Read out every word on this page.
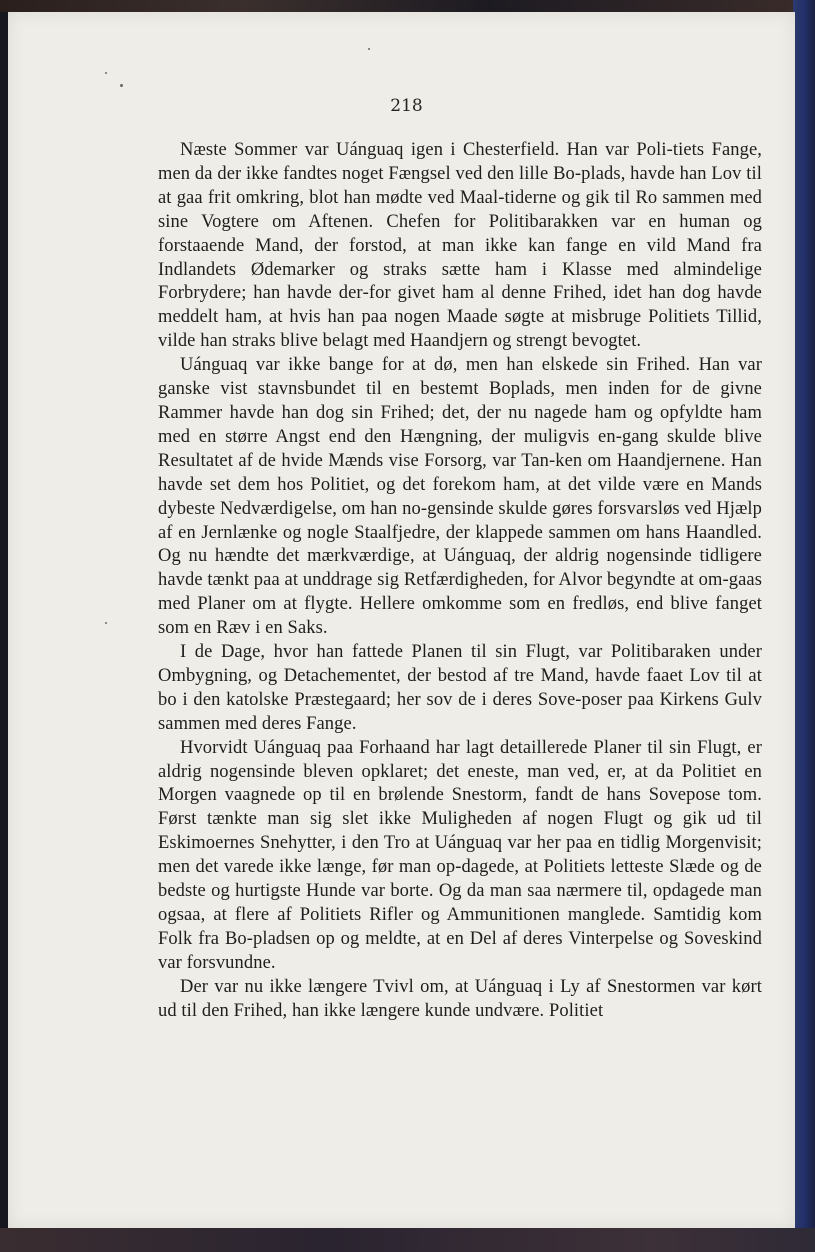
218

Næste Sommer var Uánguaq igen i Chesterfield. Han var Poli‐tiets Fange, men da der ikke fandtes noget Fængsel ved den lille Bo‐plads, havde han Lov til at gaa frit omkring, blot han mødte ved Maal‐tiderne og gik til Ro sammen med sine Vogtere om Aftenen. Chefen for Politibarakken var en human og forstaaende Mand, der forstod, at man ikke kan fange en vild Mand fra Indlandets Ødemarker og straks sætte ham i Klasse med almindelige Forbrydere; han havde der‐for givet ham al denne Frihed, idet han dog havde meddelt ham, at hvis han paa nogen Maade søgte at misbruge Politiets Tillid, vilde han straks blive belagt med Haandjern og strengt bevogtet.

Uánguaq var ikke bange for at dø, men han elskede sin Frihed. Han var ganske vist stavnsbundet til en bestemt Boplads, men inden for de givne Rammer havde han dog sin Frihed; det, der nu nagede ham og opfyldte ham med en større Angst end den Hængning, der muligvis en‐gang skulde blive Resultatet af de hvide Mænds vise Forsorg, var Tan‐ken om Haandjernene. Han havde set dem hos Politiet, og det forekom ham, at det vilde være en Mands dybeste Nedværdigelse, om han no‐gensinde skulde gøres forsvarsløs ved Hjælp af en Jernlænke og nogle Staalfjedre, der klappede sammen om hans Haandled. Og nu hændte det mærkværdige, at Uánguaq, der aldrig nogensinde tidligere havde tænkt paa at unddrage sig Retfærdigheden, for Alvor begyndte at om‐gaas med Planer om at flygte. Hellere omkomme som en fredløs, end blive fanget som en Ræv i en Saks.

I de Dage, hvor han fattede Planen til sin Flugt, var Politibaraken under Ombygning, og Detachementet, der bestod af tre Mand, havde faaet Lov til at bo i den katolske Præstegaard; her sov de i deres Sove‐poser paa Kirkens Gulv sammen med deres Fange.

Hvorvidt Uánguaq paa Forhaand har lagt detaillerede Planer til sin Flugt, er aldrig nogensinde bleven opklaret; det eneste, man ved, er, at da Politiet en Morgen vaagnede op til en brølende Snestorm, fandt de hans Sovepose tom. Først tænkte man sig slet ikke Muligheden af nogen Flugt og gik ud til Eskimoernes Snehytter, i den Tro at Uánguaq var her paa en tidlig Morgenvisit; men det varede ikke længe, før man op‐dagede, at Politiets letteste Slæde og de bedste og hurtigste Hunde var borte. Og da man saa nærmere til, opdagede man ogsaa, at flere af Politiets Rifler og Ammunitionen manglede. Samtidig kom Folk fra Bo‐pladsen op og meldte, at en Del af deres Vinterpelse og Soveskind var forsvundne.

Der var nu ikke længere Tvivl om, at Uánguaq i Ly af Snestormen var kørt ud til den Frihed, han ikke længere kunde undvære. Politiet
